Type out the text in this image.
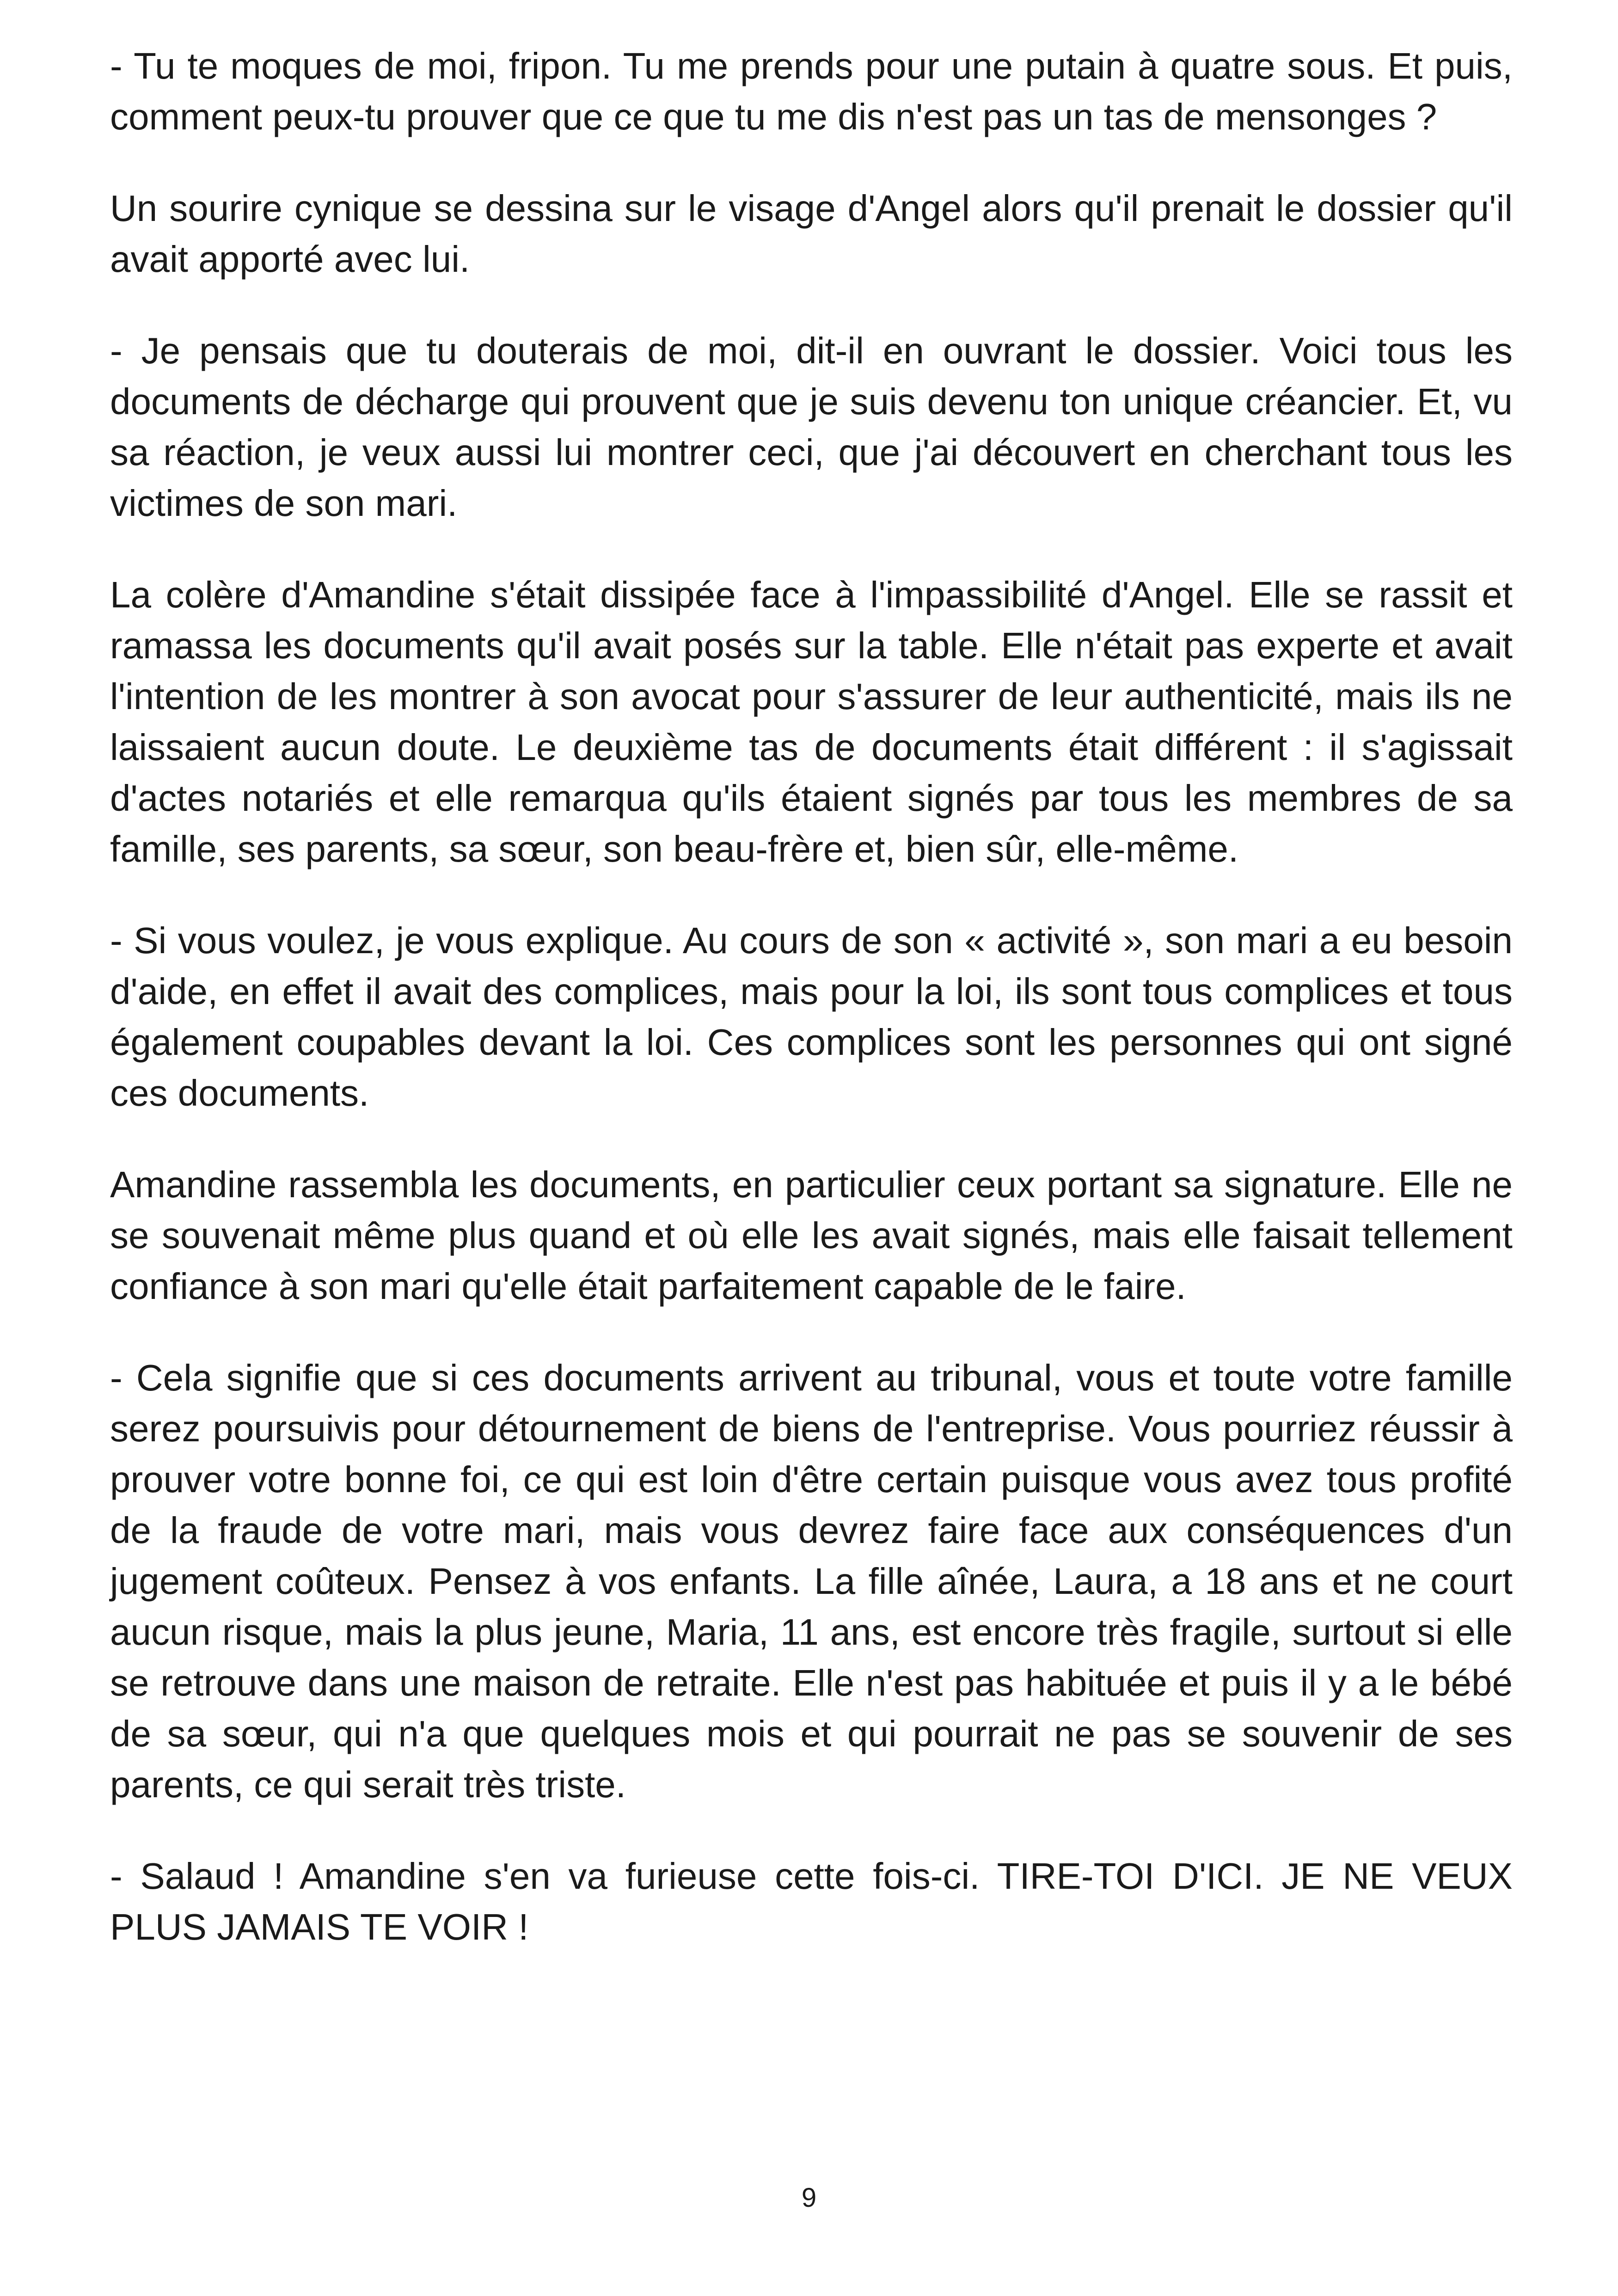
- Tu te moques de moi, fripon. Tu me prends pour une putain à quatre sous. Et puis, comment peux-tu prouver que ce que tu me dis n'est pas un tas de mensonges ?

Un sourire cynique se dessina sur le visage d'Angel alors qu'il prenait le dossier qu'il avait apporté avec lui.

- Je pensais que tu douterais de moi, dit-il en ouvrant le dossier. Voici tous les documents de décharge qui prouvent que je suis devenu ton unique créancier. Et, vu sa réaction, je veux aussi lui montrer ceci, que j'ai découvert en cherchant tous les victimes de son mari.

La colère d'Amandine s'était dissipée face à l'impassibilité d'Angel. Elle se rassit et ramassa les documents qu'il avait posés sur la table. Elle n'était pas experte et avait l'intention de les montrer à son avocat pour s'assurer de leur authenticité, mais ils ne laissaient aucun doute. Le deuxième tas de documents était différent : il s'agissait d'actes notariés et elle remarqua qu'ils étaient signés par tous les membres de sa famille, ses parents, sa sœur, son beau-frère et, bien sûr, elle-même.

- Si vous voulez, je vous explique. Au cours de son « activité », son mari a eu besoin d'aide, en effet il avait des complices, mais pour la loi, ils sont tous complices et tous également coupables devant la loi. Ces complices sont les personnes qui ont signé ces documents.

Amandine rassembla les documents, en particulier ceux portant sa signature. Elle ne se souvenait même plus quand et où elle les avait signés, mais elle faisait tellement confiance à son mari qu'elle était parfaitement capable de le faire.

- Cela signifie que si ces documents arrivent au tribunal, vous et toute votre famille serez poursuivis pour détournement de biens de l'entreprise. Vous pourriez réussir à prouver votre bonne foi, ce qui est loin d'être certain puisque vous avez tous profité de la fraude de votre mari, mais vous devrez faire face aux conséquences d'un jugement coûteux. Pensez à vos enfants. La fille aînée, Laura, a 18 ans et ne court aucun risque, mais la plus jeune, Maria, 11 ans, est encore très fragile, surtout si elle se retrouve dans une maison de retraite. Elle n'est pas habituée et puis il y a le bébé de sa sœur, qui n'a que quelques mois et qui pourrait ne pas se souvenir de ses parents, ce qui serait très triste.

- Salaud ! Amandine s'en va furieuse cette fois-ci. TIRE-TOI D'ICI. JE NE VEUX PLUS JAMAIS TE VOIR !

9
